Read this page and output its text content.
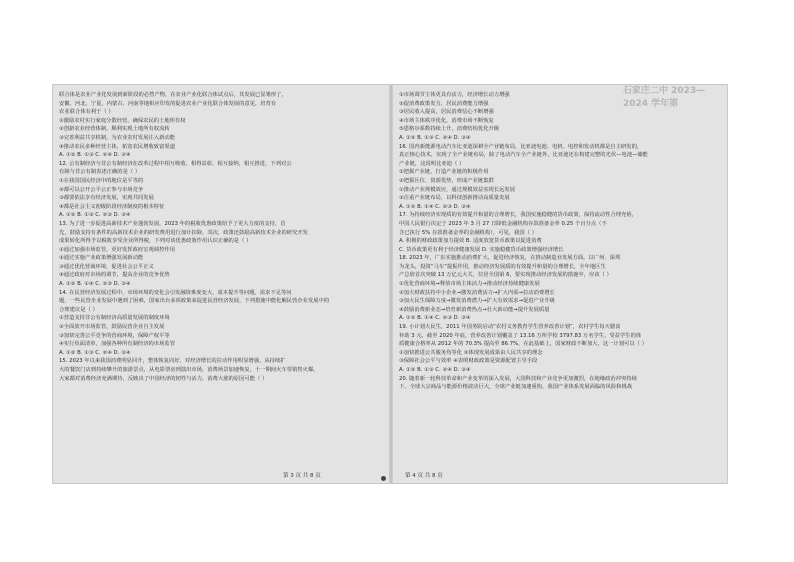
石家庄二中 2023—2024 学年第
联合体是农业产业化发展到新阶段的必然产物，在农业产业化联合体试点后，其发展已显雏形了，
安徽、河北、宁夏、内蒙古、河南等地相应印发的促进农业产业化联合体发展的意见，培育有
农业联合体有利于（ ）
①激励农村实行家庭分散经营，确保农民的土地所有权
②创新农业经营体制，顺利实现土地所有权流转
③完善利益共享机制，为农业农村发展注入新动能
④推动农民多种经营主体，拓宽农民增收致富渠道
A. ①② B. ①③ C. ②④ D. ③④
12. 公有制经济与非公有制经济在改革过程中相互吸收、相得益彰，相互接纳，相互推进，下列对公
有制与非公有制表述正确的是（ ）
①在我国国民经济中的地位是平等的
②都可以公开公平公正参与市场竞争
③都要依法享有经济发展，实现共同发展
④都是社会主义初级阶段经济制度的根本特征
A. ①② B. ①③ C. ②③ D. ③④
13. 为了进一步促进高新技术产业蓬勃发展，2023 年的税收优惠政策给予了更大力度的支持，首
先，鼓励支持有条件的高新技术企业的研发费用进行加计扣除，其次，政策还鼓励高新技术企业的研究开发
成果转化所得予以税收享受企业所得税，下列对该优惠政策作用认识正确的是（ ）
①通过加强市场监管，更好发挥政府宏观调控作用
②通过实施产业政策增强发展新动能
③通过优化营商环境，促进社会公平正义
④通过政府对市场的调节，提高企业的竞争优势
A. ①② B. ①④ C. ②③ D. ③④
14. 在民营经济发展过程中，市场环境的变化会引发融资难度变大、成本提升等问题，需求不足等问
题，一些民营企业发展中遇到了困难，国家出台多项政策来促进民营经济发展，下列措施中能化解民营企业发展中的
合理建议是（ ）
①营造支持非公有制经济高质量发展的制度环境
②全面放开市场监管，鼓励民营企业自主发展
③加快完善公平竞争的营商环境，保障产权平等
④实行负面清单，加强各种所有制经济的市场监管
A. ①② B. ①③ C. ②④ D. ③④
15. 2023 年以来我国消费明显回升，整体恢复向好，对经济增长的拉动作用明显增强，从持续扩
大的餐饮门店到持续攀升的旅游景点，从电影票房到演出市场，消费场景加速恢复，十一期间火车票销售火爆，
大家都对消费经济充满期待，反映出了中国经济的韧性与活力，消费大涨的原因可能（ ）
①市场调节主体更具有活力，经济增长动力增强
②促消费政策发力，居民消费能力增强
③居民收入提高，居民消费信心不断增强
④市场主体秩序优化，消费市场不断恢复
⑤恩格尔系数持续上升，消费结构优化升级
A. ①② B. ①③ C. ②④ D. ③④
16. 国内新能源电动汽车比亚迪深耕全产业链布局，比亚迪电池、电机、电控和发动机都是自主研发的，
真正核心技术，实现了全产业链布局，除了电动汽车全产业链外，比亚迪还在构建完整的光伏—电池—储能
产业链，这说明比亚迪（ ）
①把握产业链，打造产业链的积极作用
②把握区位、资源优势，形成产业链集群
①推动产业规模效应，通过规模效益实现长远发展
②注重产业链布局，以科技创新推动高质量发展
A. ①② B. ①④ C. ②③ D. ③④
17. 为持续经济实现质的有效提升和量的合理增长，我国实施稳健的货币政策，保持流动性合理充裕，
中国人民银行决定于 2023 年 3 月 27 日降低金融机构存款准备金率 0.25 个百分点（不
含已执行 5% 存款准备金率的金融机构），可见，我国（ ）
A. 积极的财政政策加力提效 B. 适度放宽货币政策以促进消费
C. 货币政策更有利于经济健康发展 D. 实施稳健货币政策增强经济增长
18. 2023 年，广东实施推动消费扩大，促进经济恢复，在推动制造业发展方面，以广州、深圳
为龙头，投资“马车”提振作用，推动经济发展质的有效提升和量的合理增长，全年地区生
产总值首次突破 13 万亿元大关，位居全国第 6，要实现推动经济发展的措施中，应该（ ）
①优化营商环境→释放市场主体活力→推动经济持续健康发展
②加大财政扶持中小企业→激发消费活力→扩大内需→拉动消费增长
③加大民生保障力度→激发消费潜力→扩大有效需求→促进产业升级
④鼓励消费新业态→培育新消费热点→壮大新动能→提升发展质量
A. ①② B. ①④ C. ②③ D. ③④
19. 小计划大民生，2011 年国务院启动“农村义务教育学生营养改善计划”，农村学生每天膳食
补助 3 元，截至 2020 年底，营养改善计划覆盖了 13.16 万所学校 3797.83 万名学生，受益学生的体
质健康合格率从 2012 年的 70.3% 提高至 86.7%，在此基础上，国家财政不断加大，这一计划可以（ ）
①加快推进公共服务均等化 ②体现发展成果由人民共享的理念
③保障社会公平与效率 ④表明财政政策是资源配置主导手段
A. ①② B. ①③ C. ②④ D. ③④
20. 随着新一轮科技革命和产业变革的深入发展，大国科技和产业竞争更加激烈，在地缘政治冲突持续
下，全球大宗商品与能源价格波动巨大，全球产业链加速重构，我国产业体系发展面临的风险和挑战
第 3 页 共 8 页	第 4 页 共 8 页
